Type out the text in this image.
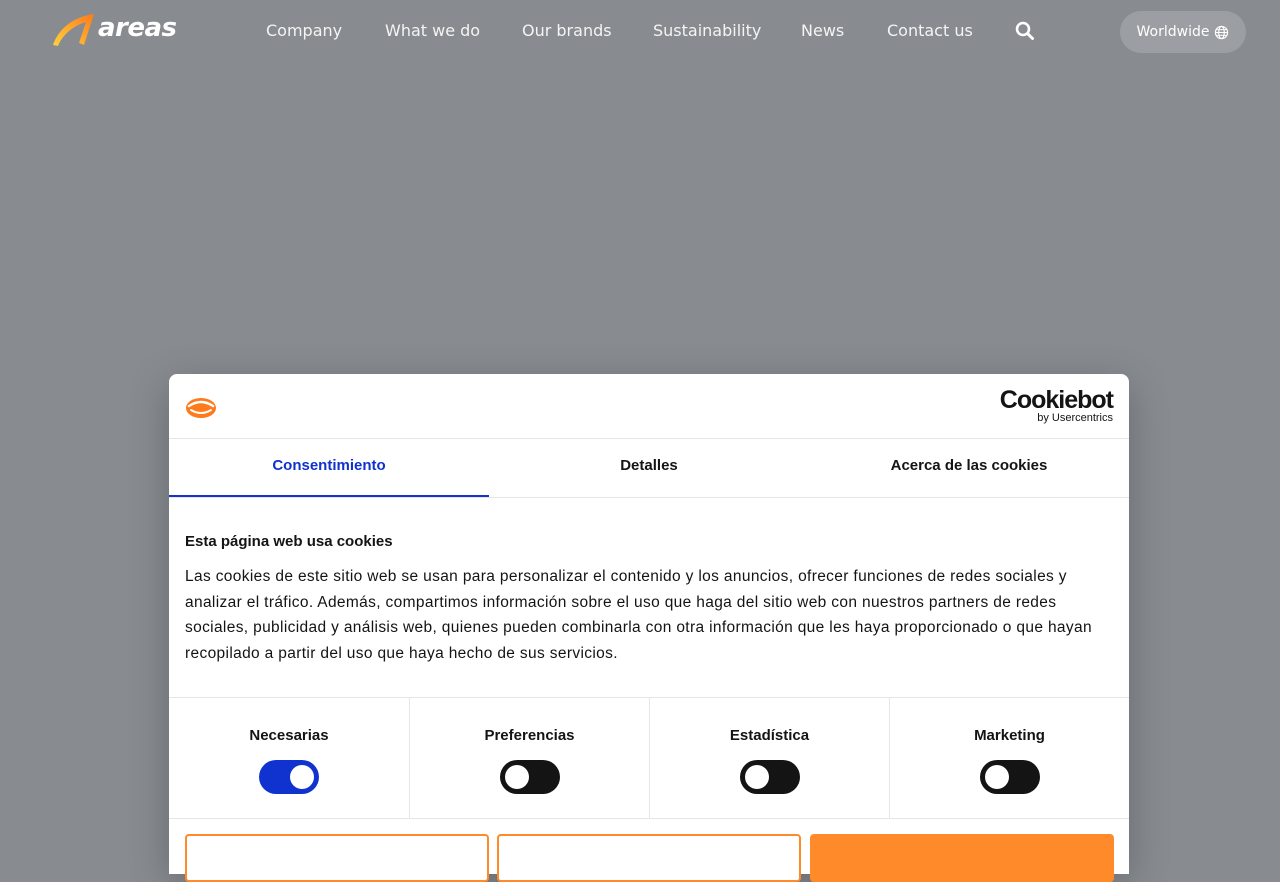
areas	Company	What we do	Our brands	Sustainability News	Contact us	Worldwide
Cookiebot
by Usercentrics
Consentimiento	Detalles	Acerca de las cookies
Esta página web usa cookies
Las cookies de este sitio web se usan para personalizar el contenido y los anuncios, ofrecer funciones de redes sociales y analizar el tráfico. Además, compartimos información sobre el uso que haga del sitio web con nuestros partners de redes sociales, publicidad y análisis web, quienes pueden combinarla con otra información que les haya proporcionado o que hayan recopilado a partir del uso que haya hecho de sus servicios.
Necesarias	Preferencias	Estadística	Marketing
